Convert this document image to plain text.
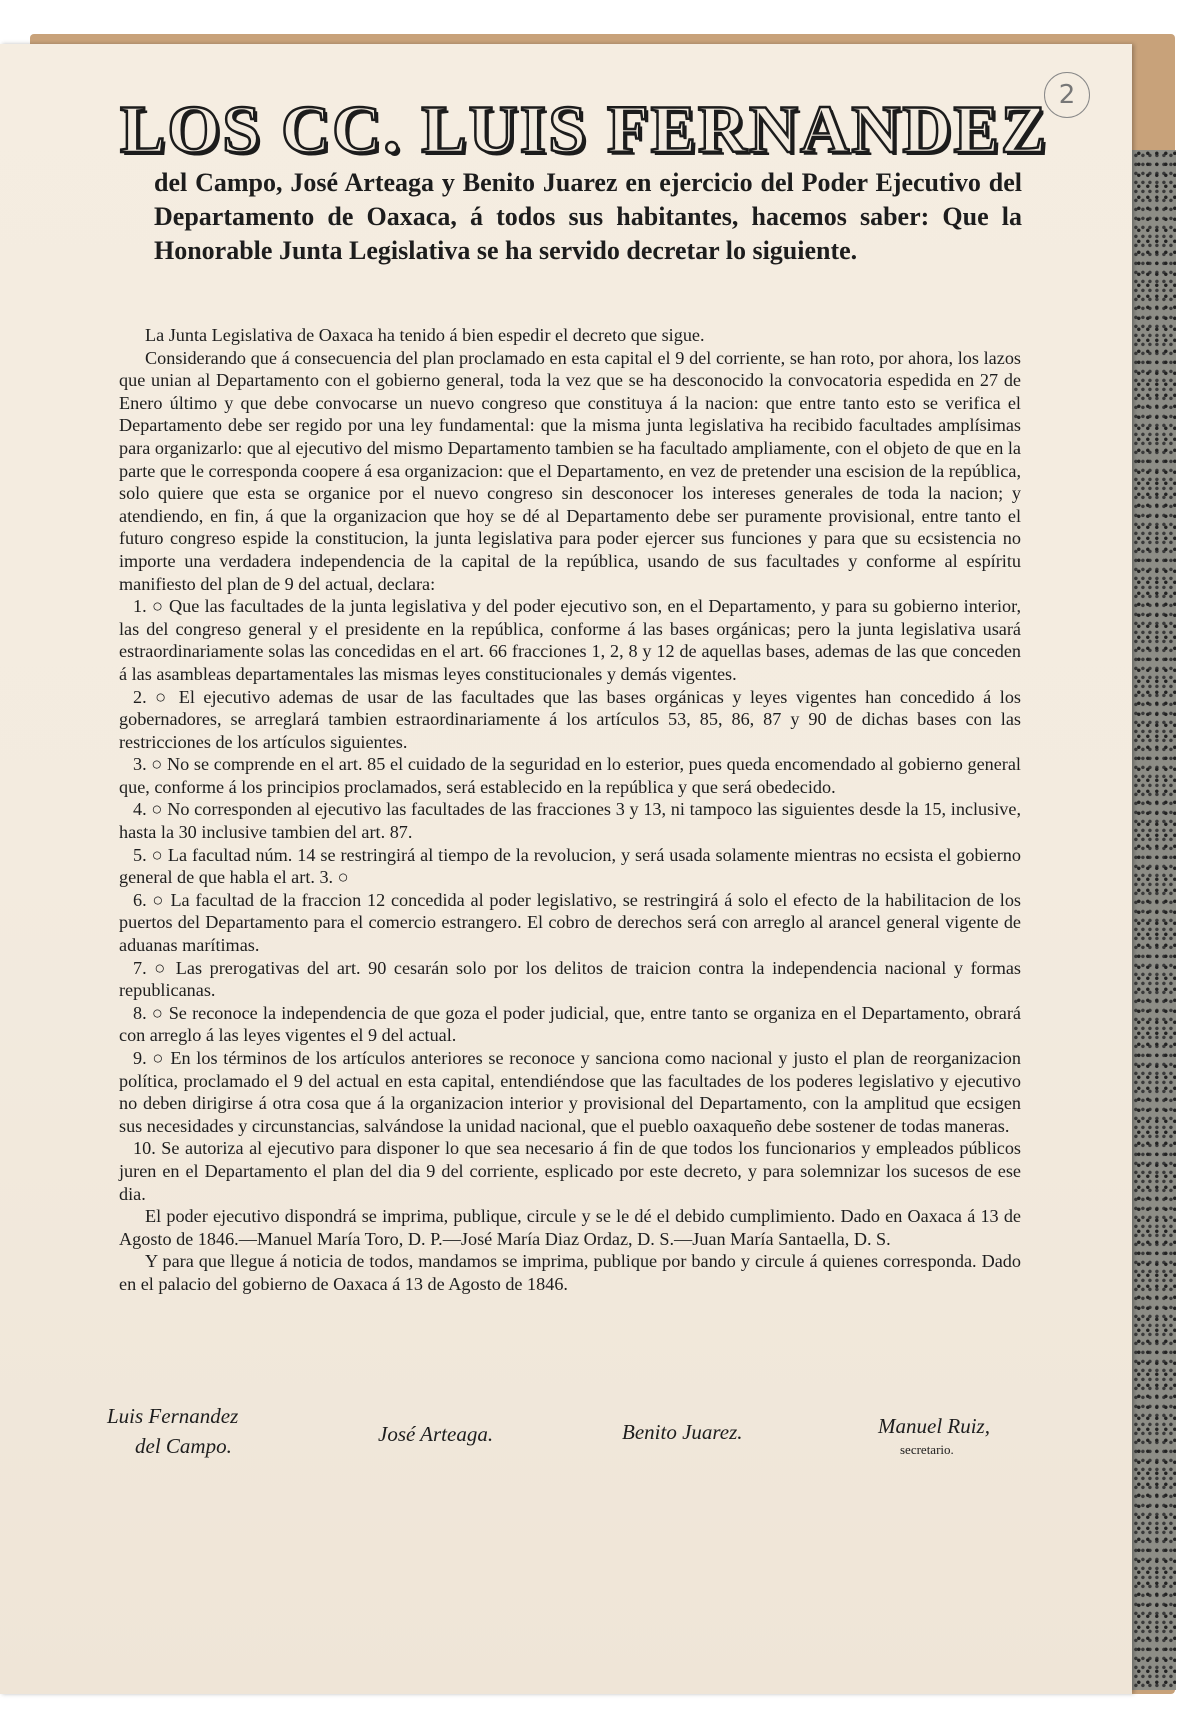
2
LOS CC. LUIS FERNANDEZ

del Campo, José Arteaga y Benito Juarez en ejercicio del Poder Ejecutivo del Departamento de Oaxaca, á todos sus habitantes, hacemos saber: Que la Honorable Junta Legislativa se ha servido decretar lo siguiente.

La Junta Legislativa de Oaxaca ha tenido á bien espedir el decreto que sigue.

Considerando que á consecuencia del plan proclamado en esta capital el 9 del corriente, se han roto, por ahora, los lazos que unian al Departamento con el gobierno general, toda la vez que se ha desconocido la convocatoria espedida en 27 de Enero último y que debe convocarse un nuevo congreso que constituya á la nacion: que entre tanto esto se verifica el Departamento debe ser regido por una ley fundamental: que la misma junta legislativa ha recibido facultades amplísimas para organizarlo: que al ejecutivo del mismo Departamento tambien se ha facultado ampliamente, con el objeto de que en la parte que le corresponda coopere á esa organizacion: que el Departamento, en vez de pretender una escision de la república, solo quiere que esta se organice por el nuevo congreso sin desconocer los intereses generales de toda la nacion; y atendiendo, en fin, á que la organizacion que hoy se dé al Departamento debe ser puramente provisional, entre tanto el futuro congreso espide la constitucion, la junta legislativa para poder ejercer sus funciones y para que su ecsistencia no importe una verdadera independencia de la capital de la república, usando de sus facultades y conforme al espíritu manifiesto del plan de 9 del actual, declara:

1. ○ Que las facultades de la junta legislativa y del poder ejecutivo son, en el Departamento, y para su gobierno interior, las del congreso general y el presidente en la república, conforme á las bases orgánicas; pero la junta legislativa usará estraordinariamente solas las concedidas en el art. 66 fracciones 1, 2, 8 y 12 de aquellas bases, ademas de las que conceden á las asambleas departamentales las mismas leyes constitucionales y demás vigentes.

2. ○ El ejecutivo ademas de usar de las facultades que las bases orgánicas y leyes vigentes han concedido á los gobernadores, se arreglará tambien estraordinariamente á los artículos 53, 85, 86, 87 y 90 de dichas bases con las restricciones de los artículos siguientes.

3. ○ No se comprende en el art. 85 el cuidado de la seguridad en lo esterior, pues queda encomendado al gobierno general que, conforme á los principios proclamados, será establecido en la república y que será obedecido.

4. ○ No corresponden al ejecutivo las facultades de las fracciones 3 y 13, ni tampoco las siguientes desde la 15, inclusive, hasta la 30 inclusive tambien del art. 87.

5. ○ La facultad núm. 14 se restringirá al tiempo de la revolucion, y será usada solamente mientras no ecsista el gobierno general de que habla el art. 3. ○

6. ○ La facultad de la fraccion 12 concedida al poder legislativo, se restringirá á solo el efecto de la habilitacion de los puertos del Departamento para el comercio estrangero. El cobro de derechos será con arreglo al arancel general vigente de aduanas marítimas.

7. ○ Las prerogativas del art. 90 cesarán solo por los delitos de traicion contra la independencia nacional y formas republicanas.

8. ○ Se reconoce la independencia de que goza el poder judicial, que, entre tanto se organiza en el Departamento, obrará con arreglo á las leyes vigentes el 9 del actual.

9. ○ En los términos de los artículos anteriores se reconoce y sanciona como nacional y justo el plan de reorganizacion política, proclamado el 9 del actual en esta capital, entendiéndose que las facultades de los poderes legislativo y ejecutivo no deben dirigirse á otra cosa que á la organizacion interior y provisional del Departamento, con la amplitud que ecsigen sus necesidades y circunstancias, salvándose la unidad nacional, que el pueblo oaxaqueño debe sostener de todas maneras.

10. Se autoriza al ejecutivo para disponer lo que sea necesario á fin de que todos los funcionarios y empleados públicos juren en el Departamento el plan del dia 9 del corriente, esplicado por este decreto, y para solemnizar los sucesos de ese dia.

El poder ejecutivo dispondrá se imprima, publique, circule y se le dé el debido cumplimiento. Dado en Oaxaca á 13 de Agosto de 1846.—Manuel María Toro, D. P.—José María Diaz Ordaz, D. S.—Juan María Santaella, D. S.

Y para que llegue á noticia de todos, mandamos se imprima, publique por bando y circule á quienes corresponda. Dado en el palacio del gobierno de Oaxaca á 13 de Agosto de 1846.

Luis Fernandez
del Campo.	José Arteaga.	Benito Juarez.	Manuel Ruiz,
secretario.
